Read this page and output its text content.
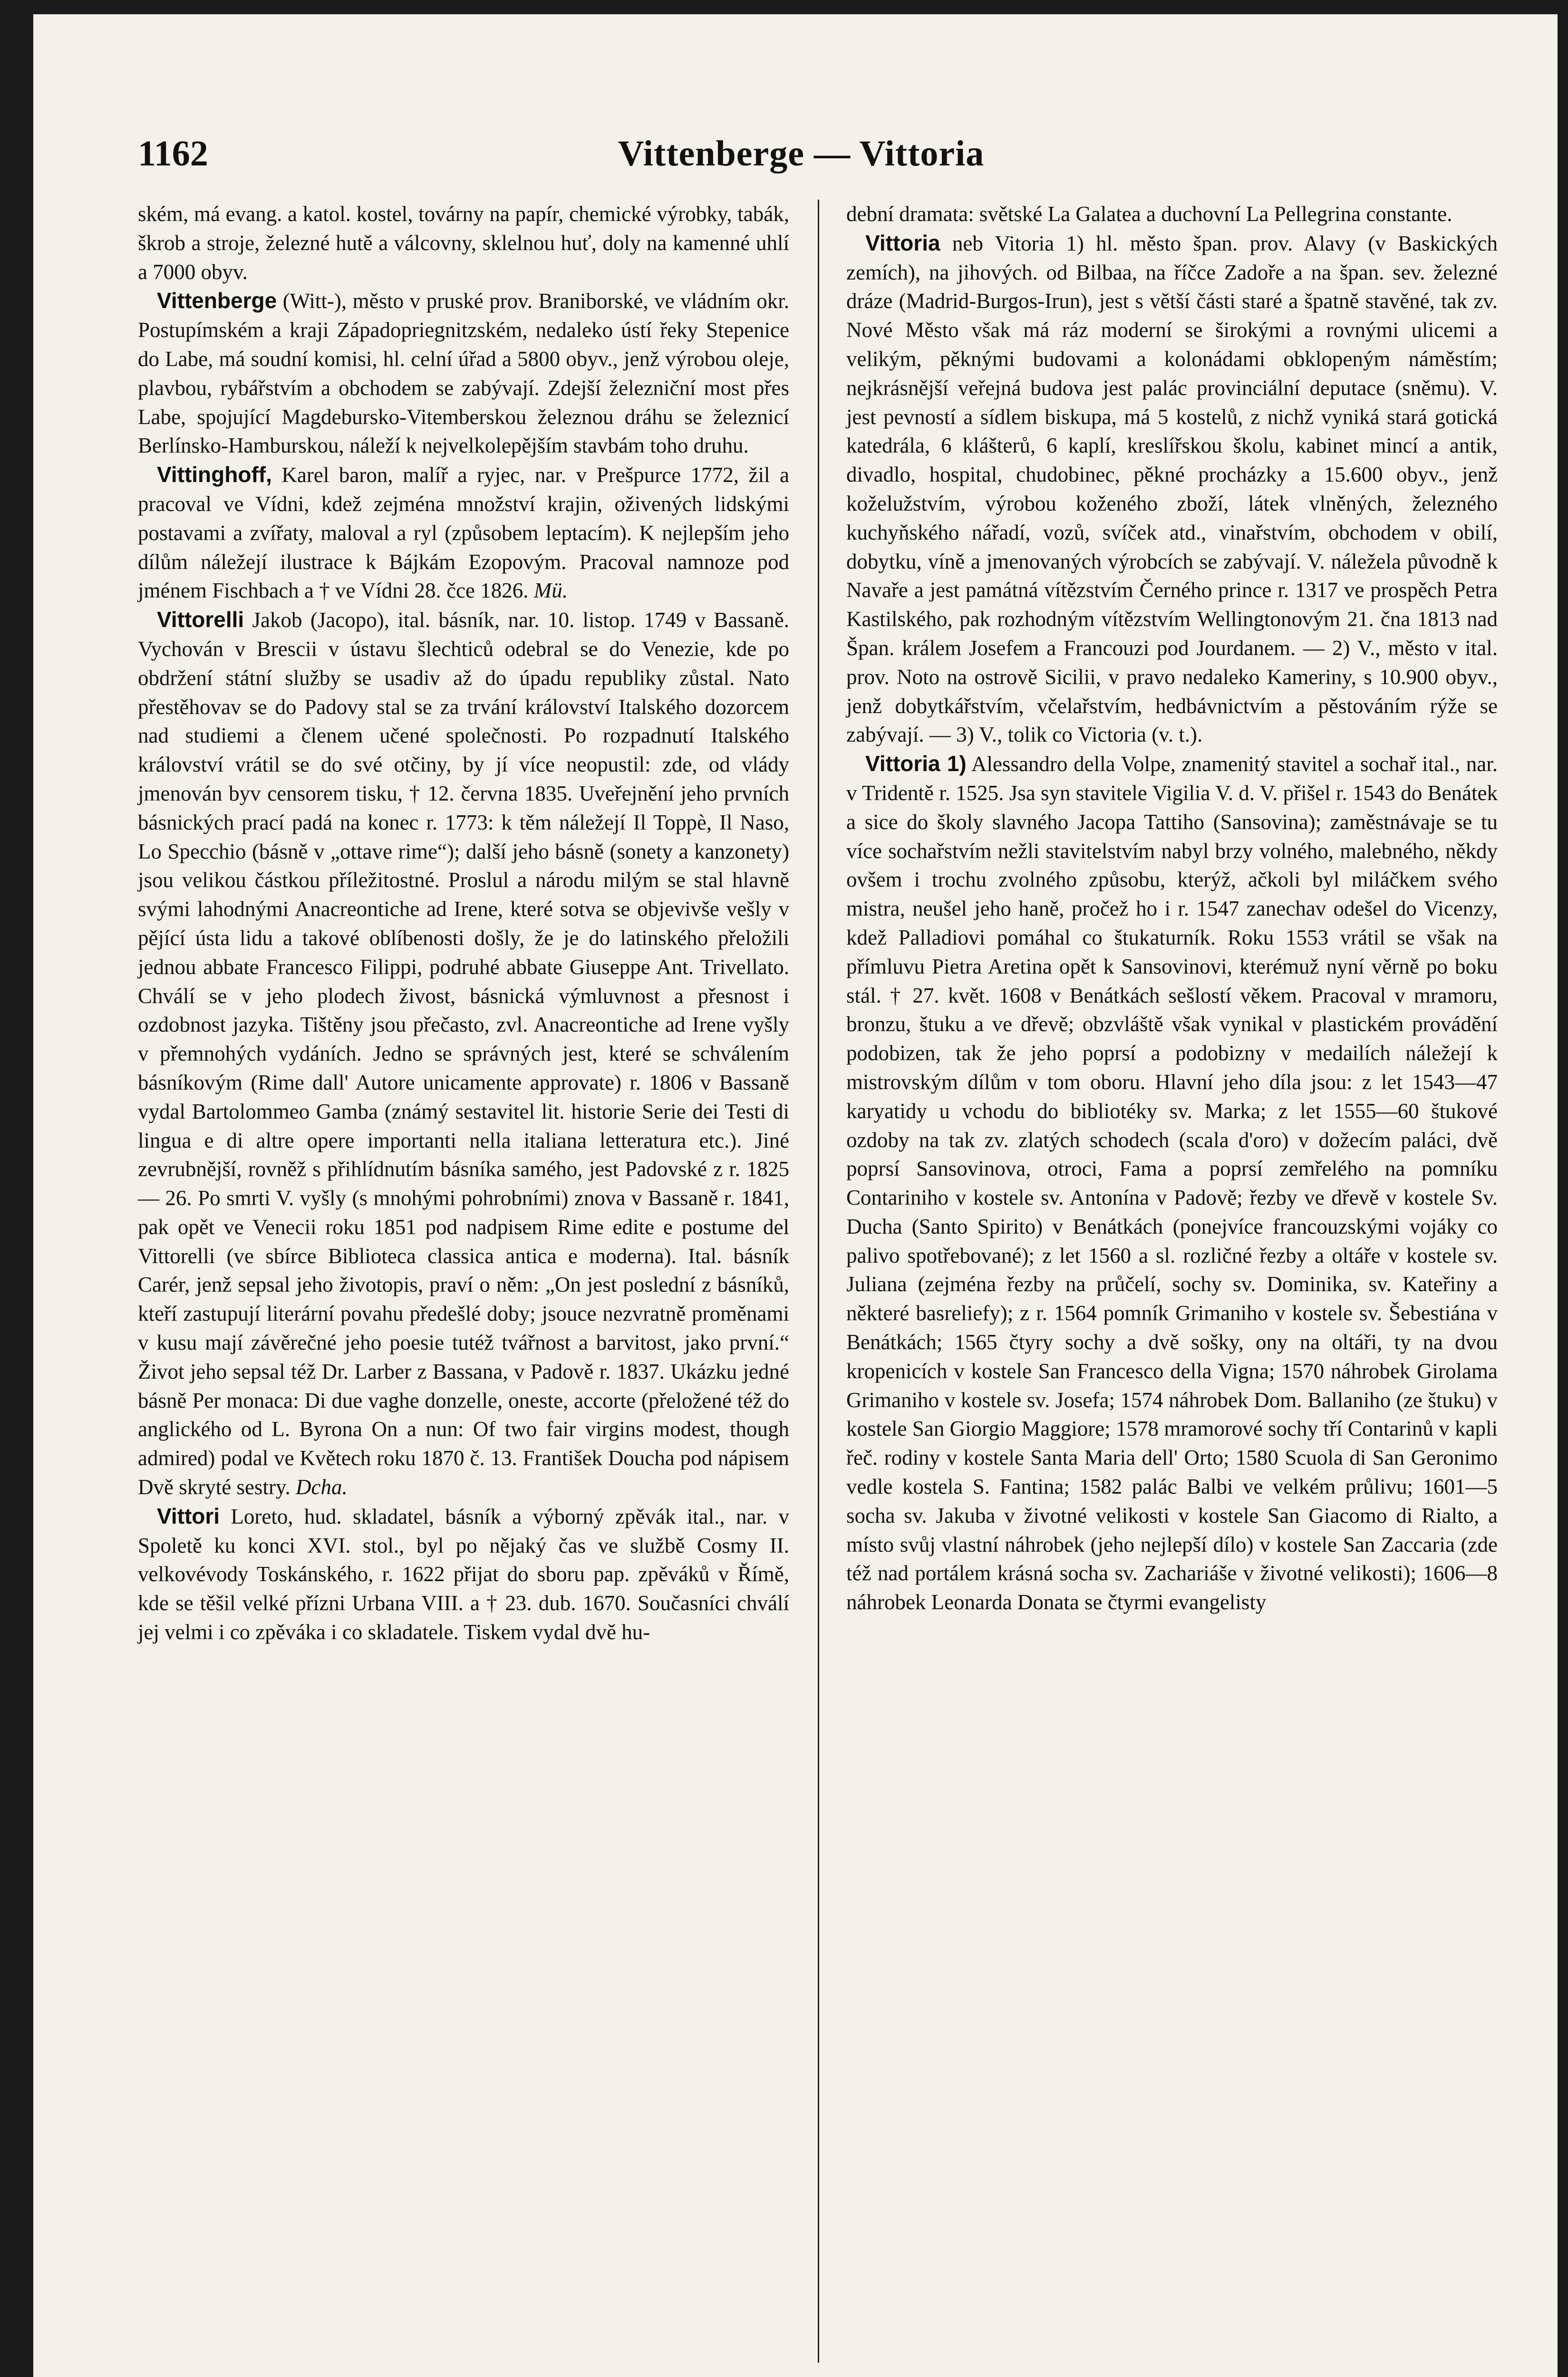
1162	Vittenberge — Vittoria

ském, má evang. a katol. kostel, továrny na papír, chemické výrobky, tabák, škrob a stroje, železné hutě a válcovny, sklelnou huť, doly na kamenné uhlí a 7000 obyv.

Vittenberge (Witt-), město v pruské prov. Braniborské, ve vládním okr. Postupímském a kraji Západopriegnitzském, nedaleko ústí řeky Stepenice do Labe, má soudní komisi, hl. celní úřad a 5800 obyv., jenž výrobou oleje, plavbou, rybářstvím a obchodem se zabývají. Zdejší železniční most přes Labe, spojující Magdebursko-Vitemberskou železnou dráhu se železnicí Berlínsko-Hamburskou, náleží k nejvelkolepějším stavbám toho druhu.

Vittinghoff, Karel baron, malíř a ryjec, nar. v Prešpurce 1772, žil a pracoval ve Vídni, kdež zejména množství krajin, oživených lidskými postavami a zvířaty, maloval a ryl (způsobem leptacím). K nejlepším jeho dílům náležejí ilustrace k Bájkám Ezopovým. Pracoval namnoze pod jménem Fischbach a † ve Vídni 28. čce 1826. Mü.

Vittorelli Jakob (Jacopo), ital. básník, nar. 10. listop. 1749 v Bassaně. Vychován v Brescii v ústavu šlechticů odebral se do Venezie, kde po obdržení státní služby se usadiv až do úpadu republiky zůstal. Nato přestěhovav se do Padovy stal se za trvání království Italského dozorcem nad studiemi a členem učené společnosti. Po rozpadnutí Italského království vrátil se do své otčiny, by jí více neopustil: zde, od vlády jmenován byv censorem tisku, † 12. června 1835. Uveřejnění jeho prvních básnických prací padá na konec r. 1773: k těm náležejí Il Toppè, Il Naso, Lo Specchio (básně v „ottave rime“); další jeho básně (sonety a kanzonety) jsou velikou částkou příležitostné. Proslul a národu milým se stal hlavně svými lahodnými Anacreontiche ad Irene, které sotva se objevivše vešly v pějící ústa lidu a takové oblíbenosti došly, že je do latinského přeložili jednou abbate Francesco Filippi, podruhé abbate Giuseppe Ant. Trivellato. Chválí se v jeho plodech živost, básnická výmluvnost a přesnost i ozdobnost jazyka. Tištěny jsou přečasto, zvl. Anacreontiche ad Irene vyšly v přemnohých vydáních. Jedno se správných jest, které se schválením básníkovým (Rime dall' Autore unicamente approvate) r. 1806 v Bassaně vydal Bartolommeo Gamba (známý sestavitel lit. historie Serie dei Testi di lingua e di altre opere importanti nella italiana letteratura etc.). Jiné zevrubnější, rovněž s přihlídnutím básníka samého, jest Padovské z r. 1825 — 26. Po smrti V. vyšly (s mnohými pohrobními) znova v Bassaně r. 1841, pak opět ve Venecii roku 1851 pod nadpisem Rime edite e postume del Vittorelli (ve sbírce Biblioteca classica antica e moderna). Ital. básník Carér, jenž sepsal jeho životopis, praví o něm: „On jest poslední z básníků, kteří zastupují literární povahu předešlé doby; jsouce nezvratně proměnami v kusu mají závěrečné jeho poesie tutéž tvářnost a barvitost, jako první.“ Život jeho sepsal též Dr. Larber z Bassana, v Padově r. 1837. Ukázku jedné básně Per monaca: Di due vaghe donzelle, oneste, accorte (přeložené též do anglického od L. Byrona On a nun: Of two fair virgins modest, though admired) podal ve Květech roku 1870 č. 13. František Doucha pod nápisem Dvě skryté sestry. Dcha.

Vittori Loreto, hud. skladatel, básník a výborný zpěvák ital., nar. v Spoletě ku konci XVI. stol., byl po nějaký čas ve službě Cosmy II. velkovévody Toskánského, r. 1622 přijat do sboru pap. zpěváků v Římě, kde se těšil velké přízni Urbana VIII. a † 23. dub. 1670. Současníci chválí jej velmi i co zpěváka i co skladatele. Tiskem vydal dvě hu-

dební dramata: světské La Galatea a duchovní La Pellegrina constante.

Vittoria neb Vitoria 1) hl. město špan. prov. Alavy (v Baskických zemích), na jihových. od Bilbaa, na říčce Zadoře a na špan. sev. železné dráze (Madrid-Burgos-Irun), jest s větší části staré a špatně stavěné, tak zv. Nové Město však má ráz moderní se širokými a rovnými ulicemi a velikým, pěknými budovami a kolonádami obklopeným náměstím; nejkrásnější veřejná budova jest palác provinciální deputace (sněmu). V. jest pevností a sídlem biskupa, má 5 kostelů, z nichž vyniká stará gotická katedrála, 6 klášterů, 6 kaplí, kreslířskou školu, kabinet mincí a antik, divadlo, hospital, chudobinec, pěkné procházky a 15.600 obyv., jenž koželužstvím, výrobou koženého zboží, látek vlněných, železného kuchyňského nářadí, vozů, svíček atd., vinařstvím, obchodem v obilí, dobytku, víně a jmenovaných výrobcích se zabývají. V. náležela původně k Navaře a jest památná vítězstvím Černého prince r. 1317 ve prospěch Petra Kastilského, pak rozhodným vítězstvím Wellingtonovým 21. čna 1813 nad Špan. králem Josefem a Francouzi pod Jourdanem. — 2) V., město v ital. prov. Noto na ostrově Sicilii, v pravo nedaleko Kameriny, s 10.900 obyv., jenž dobytkářstvím, včelařstvím, hedbávnictvím a pěstováním rýže se zabývají. — 3) V., tolik co Victoria (v. t.).

Vittoria 1) Alessandro della Volpe, znamenitý stavitel a sochař ital., nar. v Tridentě r. 1525. Jsa syn stavitele Vigilia V. d. V. přišel r. 1543 do Benátek a sice do školy slavného Jacopa Tattiho (Sansovina); zaměstnávaje se tu více sochařstvím nežli stavitelstvím nabyl brzy volného, malebného, někdy ovšem i trochu zvolného způsobu, kterýž, ačkoli byl miláčkem svého mistra, neušel jeho haně, pročež ho i r. 1547 zanechav odešel do Vicenzy, kdež Palladiovi pomáhal co štukaturník. Roku 1553 vrátil se však na přímluvu Pietra Aretina opět k Sansovinovi, kterémuž nyní věrně po boku stál. † 27. květ. 1608 v Benátkách sešlostí věkem. Pracoval v mramoru, bronzu, štuku a ve dřevě; obzvláště však vynikal v plastickém provádění podobizen, tak že jeho poprsí a podobizny v medailích náležejí k mistrovským dílům v tom oboru. Hlavní jeho díla jsou: z let 1543—47 karyatidy u vchodu do bibliotéky sv. Marka; z let 1555—60 štukové ozdoby na tak zv. zlatých schodech (scala d'oro) v dožecím paláci, dvě poprsí Sansovinova, otroci, Fama a poprsí zemřelého na pomníku Contariniho v kostele sv. Antonína v Padově; řezby ve dřevě v kostele Sv. Ducha (Santo Spirito) v Benátkách (ponejvíce francouzskými vojáky co palivo spotřebované); z let 1560 a sl. rozličné řezby a oltáře v kostele sv. Juliana (zejména řezby na průčelí, sochy sv. Dominika, sv. Kateřiny a některé basreliefy); z r. 1564 pomník Grimaniho v kostele sv. Šebestiána v Benátkách; 1565 čtyry sochy a dvě sošky, ony na oltáři, ty na dvou kropenicích v kostele San Francesco della Vigna; 1570 náhrobek Girolama Grimaniho v kostele sv. Josefa; 1574 náhrobek Dom. Ballaniho (ze štuku) v kostele San Giorgio Maggiore; 1578 mramorové sochy tří Contarinů v kapli řeč. rodiny v kostele Santa Maria dell' Orto; 1580 Scuola di San Geronimo vedle kostela S. Fantina; 1582 palác Balbi ve velkém průlivu; 1601—5 socha sv. Jakuba v životné velikosti v kostele San Giacomo di Rialto, a místo svůj vlastní náhrobek (jeho nejlepší dílo) v kostele San Zaccaria (zde též nad portálem krásná socha sv. Zachariáše v životné velikosti); 1606—8 náhrobek Leonarda Donata se čtyrmi evangelisty
